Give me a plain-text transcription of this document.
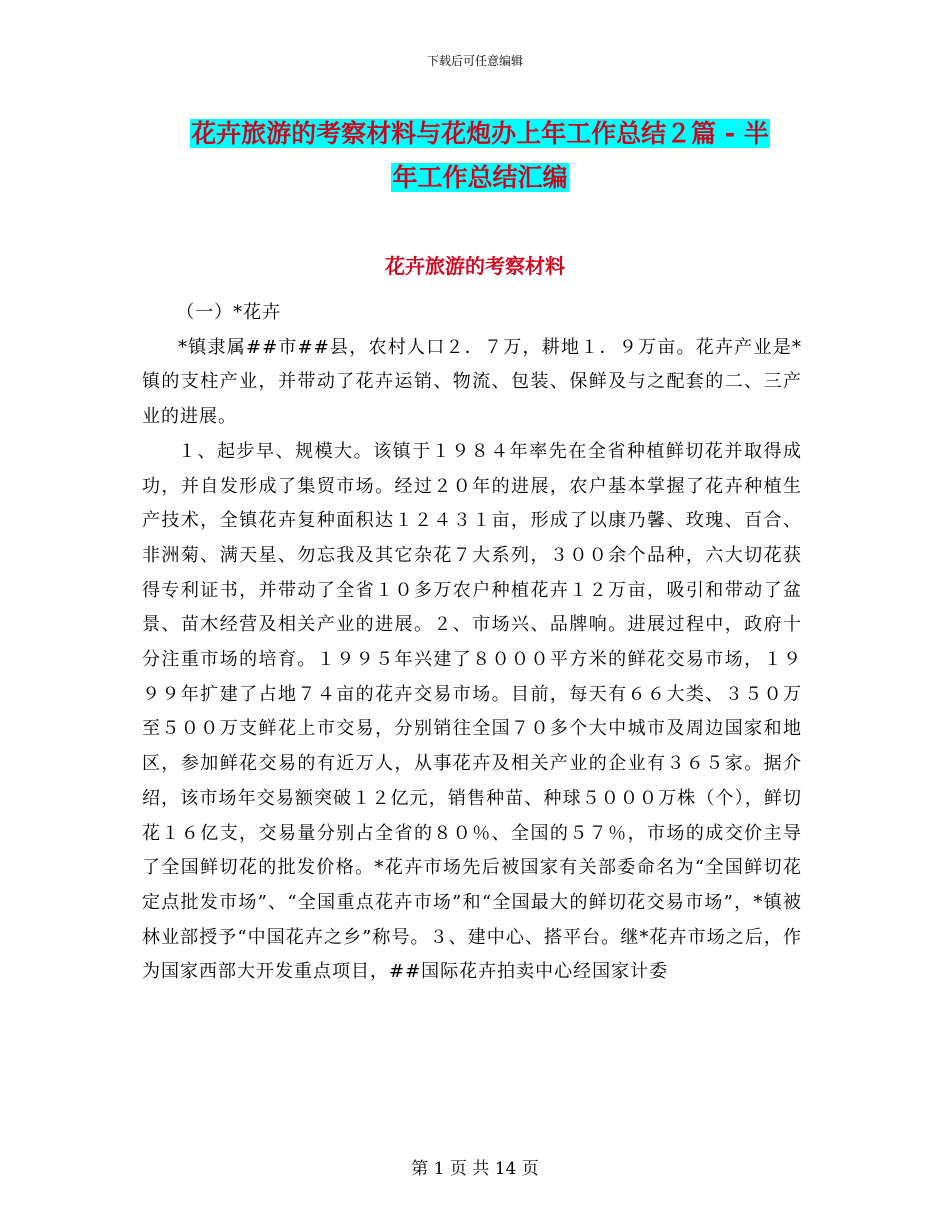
下载后可任意编辑
花卉旅游的考察材料与花炮办上年工作总结２篇 - 半
年工作总结汇编
花卉旅游的考察材料

（一）*花卉

*镇隶属##市##县，农村人口２．７万，耕地１．９万亩。花卉产业是*镇的支柱产业，并带动了花卉运销、物流、包装、保鲜及与之配套的二、三产业的进展。

１、起步早、规模大。该镇于１９８４年率先在全省种植鲜切花并取得成功，并自发形成了集贸市场。经过２０年的进展，农户基本掌握了花卉种植生产技术，全镇花卉复种面积达１２４３１亩，形成了以康乃馨、玫瑰、百合、非洲菊、满天星、勿忘我及其它杂花７大系列，３００余个品种，六大切花获得专利证书，并带动了全省１０多万农户种植花卉１２万亩，吸引和带动了盆景、苗木经营及相关产业的进展。２、市场兴、品牌响。进展过程中，政府十分注重市场的培育。１９９５年兴建了８０００平方米的鲜花交易市场，１９９９年扩建了占地７４亩的花卉交易市场。目前，每天有６６大类、３５０万至５００万支鲜花上市交易，分别销往全国７０多个大中城市及周边国家和地区，参加鲜花交易的有近万人，从事花卉及相关产业的企业有３６５家。据介绍，该市场年交易额突破１２亿元，销售种苗、种球５０００万株（个），鲜切花１６亿支，交易量分别占全省的８０％、全国的５７％，市场的成交价主导了全国鲜切花的批发价格。*花卉市场先后被国家有关部委命名为“全国鲜切花定点批发市场”、“全国重点花卉市场”和“全国最大的鲜切花交易市场”，*镇被林业部授予“中国花卉之乡”称号。３、建中心、搭平台。继*花卉市场之后，作为国家西部大开发重点项目，##国际花卉拍卖中心经国家计委

第 1 页 共 14 页
